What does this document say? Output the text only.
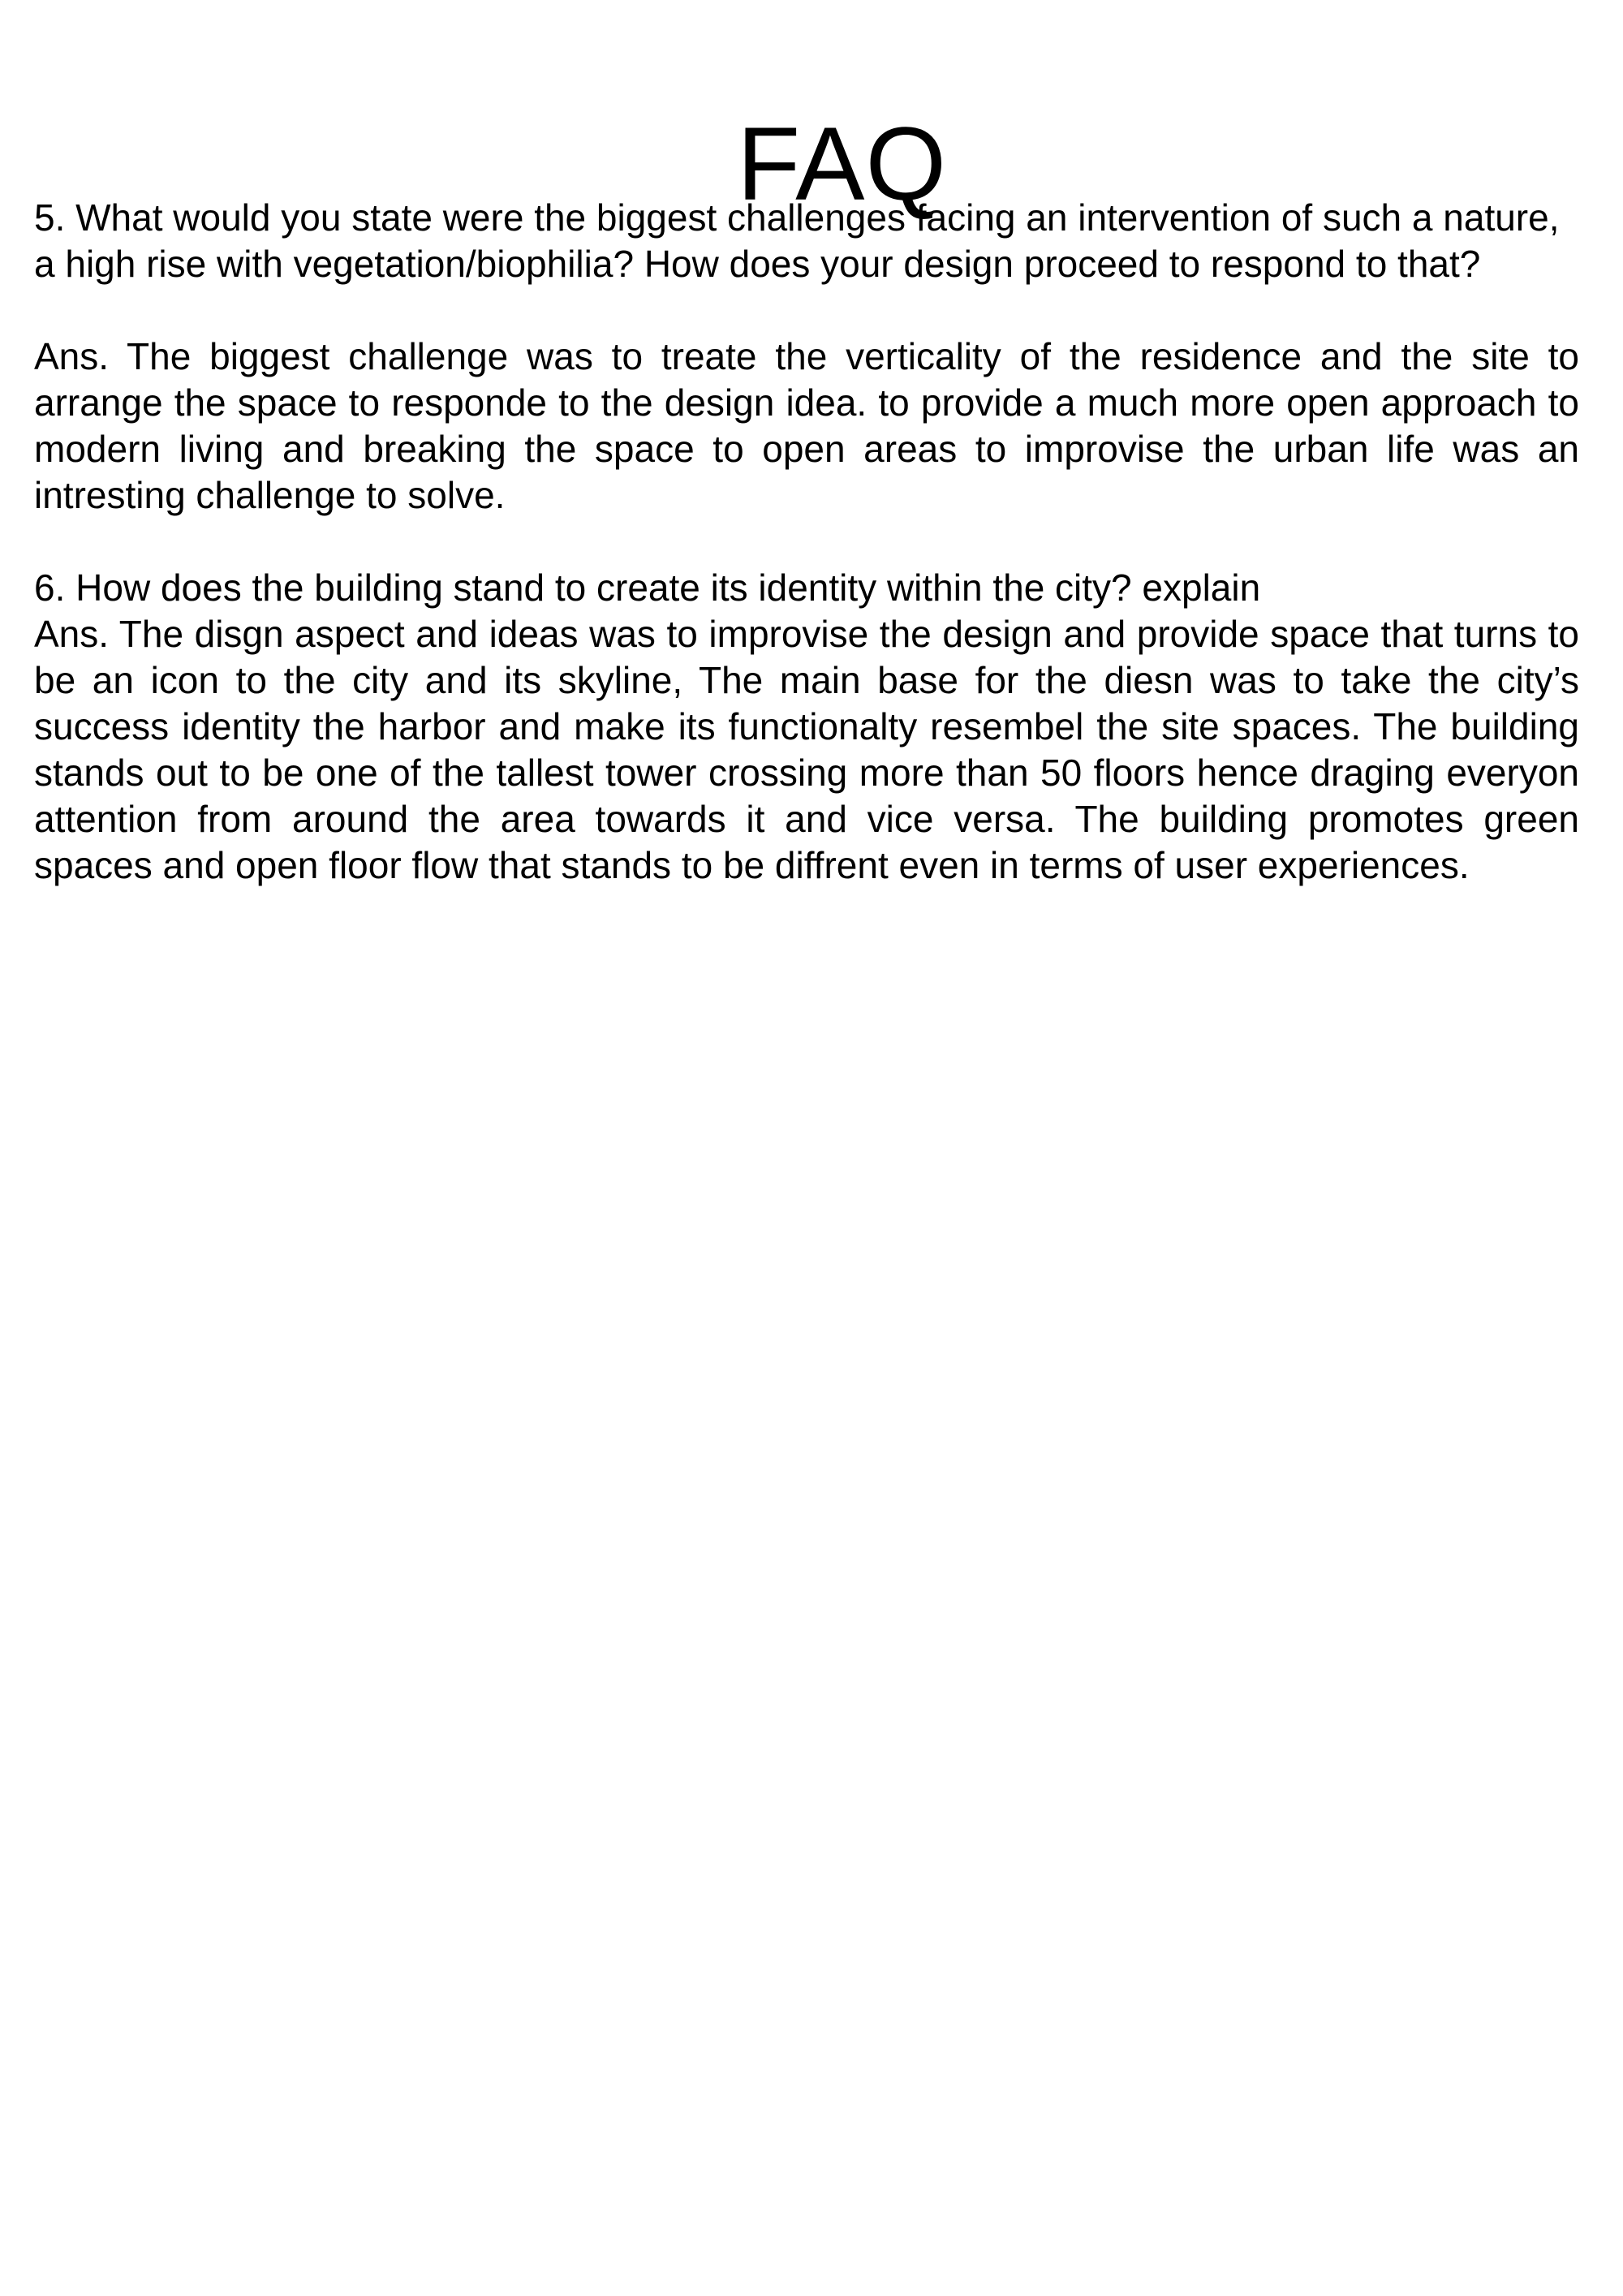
FAQ

5. What would you state were the biggest challenges facing an intervention of such a nature, a high rise with vegetation/biophilia? How does your design proceed to respond to that?

Ans. The biggest challenge was to treate the verticality of the residence and the site to arrange the space to responde to the design idea. to provide a much more open approach to modern living and breaking the space to open areas to improvise the urban life was an intresting challenge to solve.

6. How does the building stand to create its identity within the city? explain

Ans. The disgn aspect and ideas was to improvise the design and provide space that turns to be an icon to the city and its skyline, The main base for the diesn was to take the city’s success identity the harbor and make its functionalty resembel the site spaces. The building stands out to be one of the tallest tower crossing more than 50 floors hence draging everyon attention from around the area towards it and vice versa. The building promotes green spaces and open floor flow that stands to be diffrent even in terms of user experiences.
